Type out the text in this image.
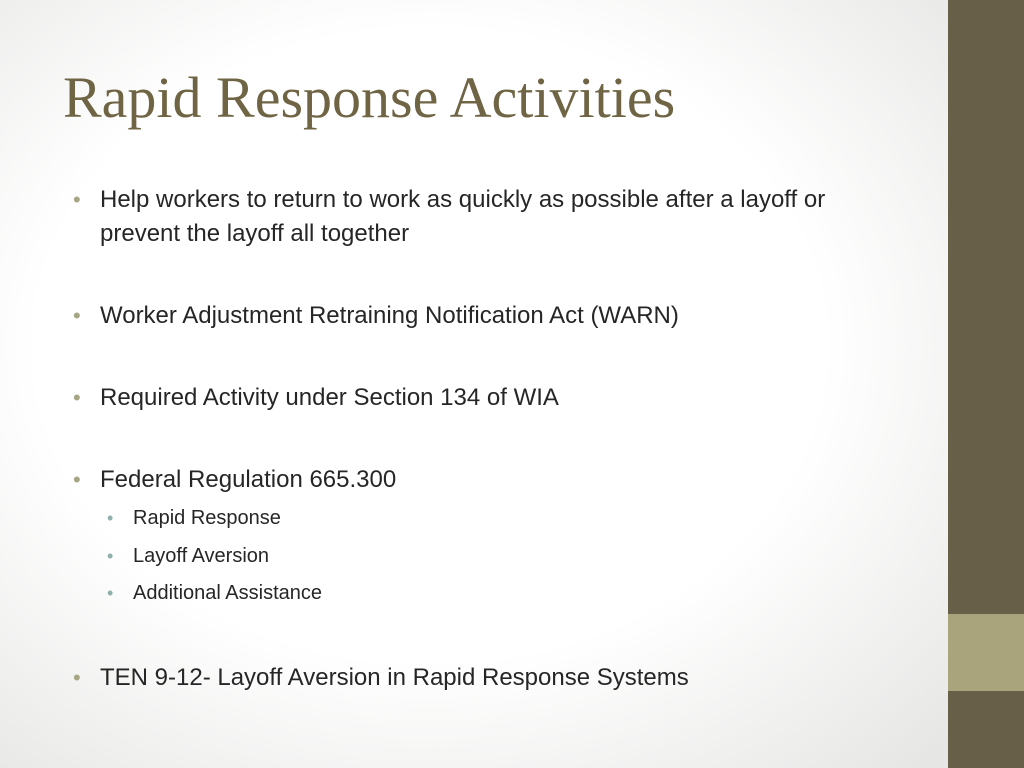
Rapid Response Activities
• Help workers to return to work as quickly as possible after a layoff or prevent the layoff all together
• Worker Adjustment Retraining Notification Act (WARN)
• Required Activity under Section 134 of WIA
• Federal Regulation 665.300
• Rapid Response
• Layoff Aversion
• Additional Assistance
• TEN 9-12- Layoff Aversion in Rapid Response Systems
